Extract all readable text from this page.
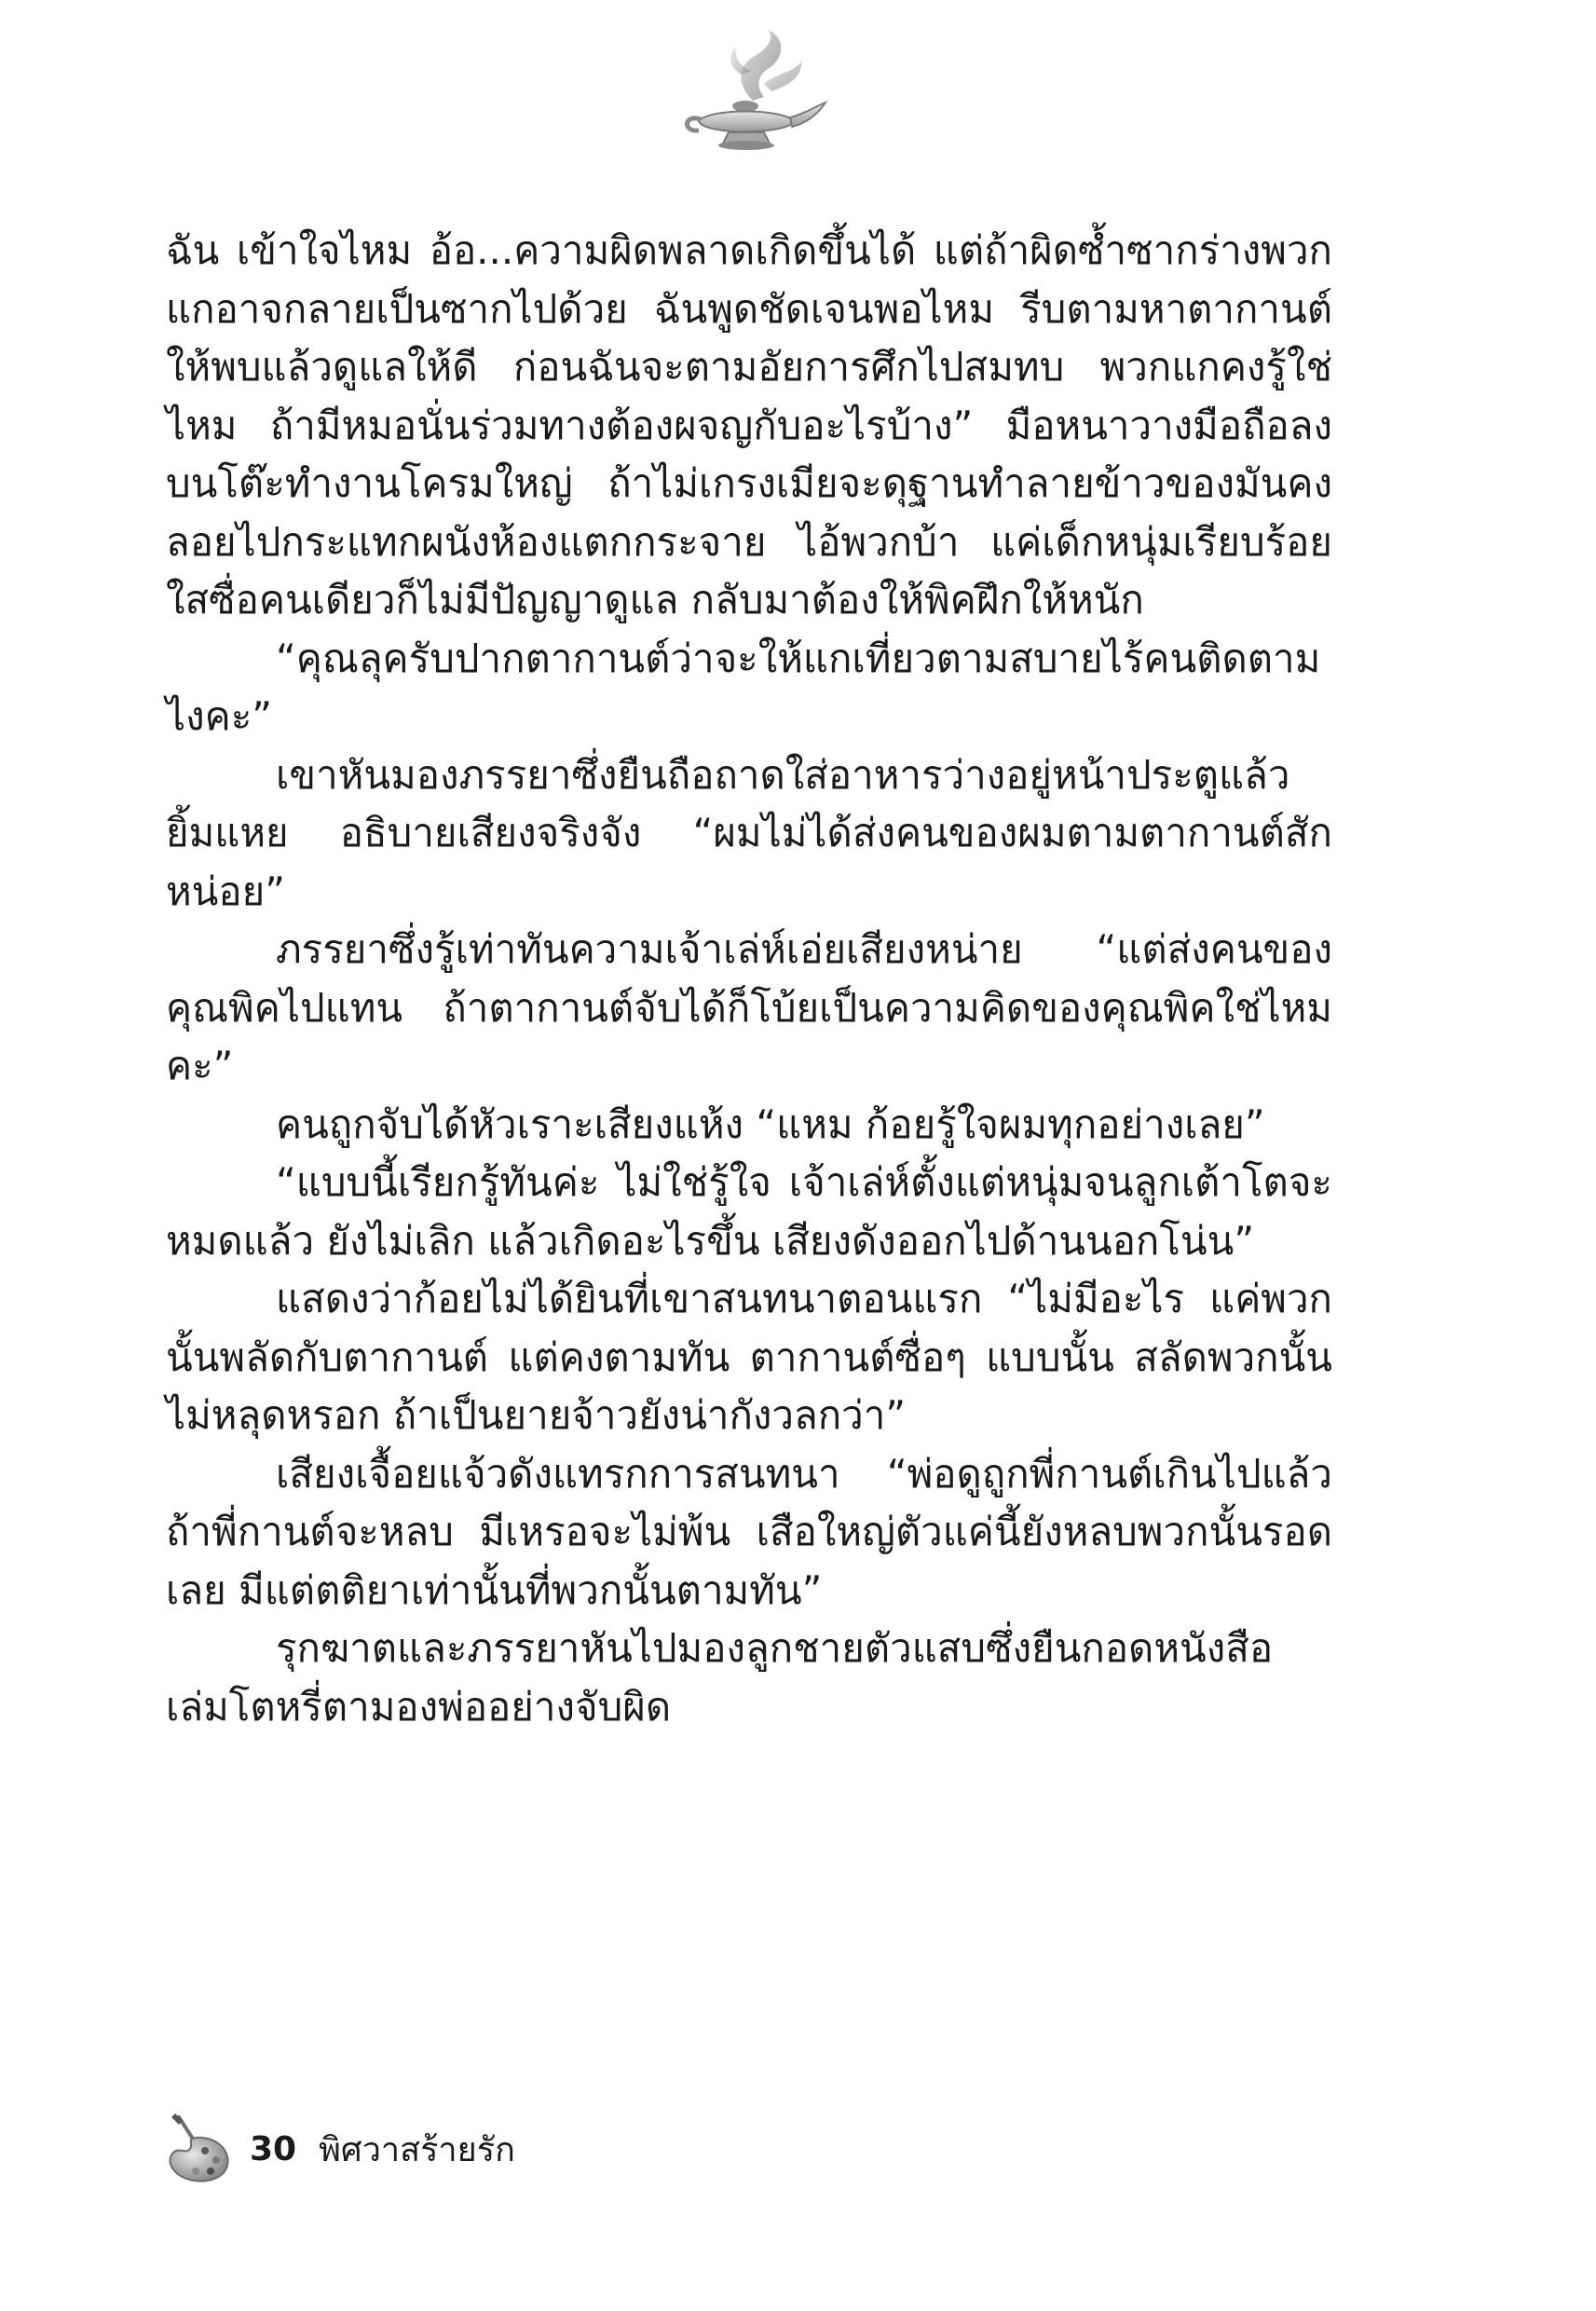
ฉัน เข้าใจไหม อ้อ...ความผิดพลาดเกิดขึ้นได้ แต่ถ้าผิดซ้ำซากร่างพวกแกอาจกลายเป็นซากไปด้วย ฉันพูดชัดเจนพอไหม รีบตามหาตากานต์ให้พบแล้วดูแลให้ดี ก่อนฉันจะตามอัยการศึกไปสมทบ พวกแกคงรู้ใช่ไหม ถ้ามีหมอนั่นร่วมทางต้องผจญกับอะไรบ้าง” มือหนาวางมือถือลงบนโต๊ะทำงานโครมใหญ่ ถ้าไม่เกรงเมียจะดุฐานทำลายข้าวของมันคงลอยไปกระแทกผนังห้องแตกกระจาย ไอ้พวกบ้า แค่เด็กหนุ่มเรียบร้อยใสซื่อคนเดียวก็ไม่มีปัญญาดูแล กลับมาต้องให้พิคฝึกให้หนัก

“คุณลุครับปากตากานต์ว่าจะให้แกเที่ยวตามสบายไร้คนติดตามไงคะ”

เขาหันมองภรรยาซึ่งยืนถือถาดใส่อาหารว่างอยู่หน้าประตูแล้วยิ้มแหย อธิบายเสียงจริงจัง “ผมไม่ได้ส่งคนของผมตามตากานต์สักหน่อย”

ภรรยาซึ่งรู้เท่าทันความเจ้าเล่ห์เอ่ยเสียงหน่าย “แต่ส่งคนของคุณพิคไปแทน ถ้าตากานต์จับได้ก็โบ้ยเป็นความคิดของคุณพิคใช่ไหมคะ”

คนถูกจับได้หัวเราะเสียงแห้ง “แหม ก้อยรู้ใจผมทุกอย่างเลย”

“แบบนี้เรียกรู้ทันค่ะ ไม่ใช่รู้ใจ เจ้าเล่ห์ตั้งแต่หนุ่มจนลูกเต้าโตจะหมดแล้ว ยังไม่เลิก แล้วเกิดอะไรขึ้น เสียงดังออกไปด้านนอกโน่น”

แสดงว่าก้อยไม่ได้ยินที่เขาสนทนาตอนแรก “ไม่มีอะไร แค่พวกนั้นพลัดกับตากานต์ แต่คงตามทัน ตากานต์ซื่อๆ แบบนั้น สลัดพวกนั้นไม่หลุดหรอก ถ้าเป็นยายจ้าวยังน่ากังวลกว่า”

เสียงเจื้อยแจ้วดังแทรกการสนทนา “พ่อดูถูกพี่กานต์เกินไปแล้ว ถ้าพี่กานต์จะหลบ มีเหรอจะไม่พ้น เสือใหญ่ตัวแค่นี้ยังหลบพวกนั้นรอดเลย มีแต่ตติยาเท่านั้นที่พวกนั้นตามทัน”

รุกฆาตและภรรยาหันไปมองลูกชายตัวแสบซึ่งยืนกอดหนังสือเล่มโตหรี่ตามองพ่ออย่างจับผิด

30 พิศวาสร้ายรัก
